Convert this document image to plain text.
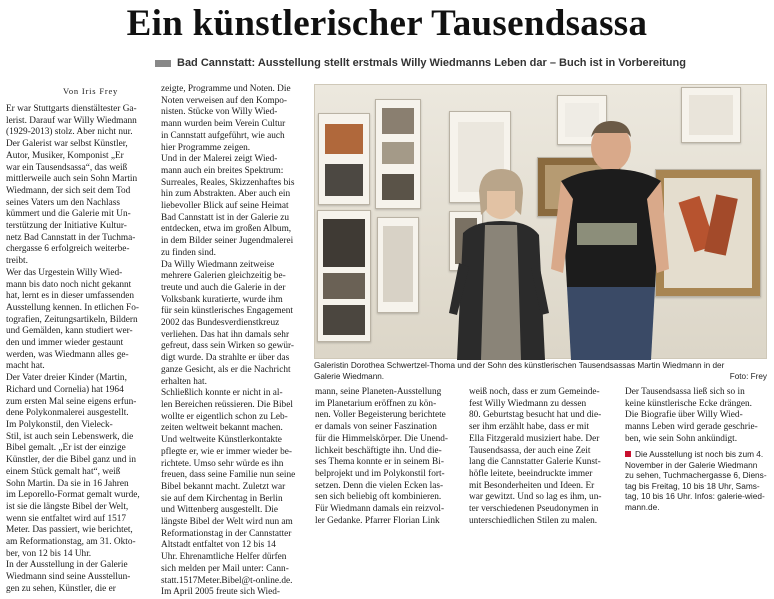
Ein künstlerischer Tausendsassa
Bad Cannstatt: Ausstellung stellt erstmals Willy Wiedmanns Leben dar – Buch ist in Vorbereitung
Von Iris Frey

Er war Stuttgarts dienstältester Ga-

lerist. Darauf war Willy Wiedmann

(1929-2013) stolz. Aber nicht nur.

Der Galerist war selbst Künstler,

Autor, Musiker, Komponist „Er

war ein Tausendsassa“, das weiß

mittlerweile auch sein Sohn Martin

Wiedmann, der sich seit dem Tod

seines Vaters um den Nachlass

kümmert und die Galerie mit Un-

terstützung der Initiative Kultur-

netz Bad Cannstatt in der Tuchma-

chergasse 6 erfolgreich weiterbe-

treibt.

Wer das Urgestein Willy Wied-

mann bis dato noch nicht gekannt

hat, lernt es in dieser umfassenden

Ausstellung kennen. In etlichen Fo-

tografien, Zeitungsartikeln, Bildern

und Gemälden, kann studiert wer-

den und immer wieder gestaunt

werden, was Wiedmann alles ge-

macht hat.

Der Vater dreier Kinder (Martin,

Richard und Cornelia) hat 1964

zum ersten Mal seine eigens erfun-

dene Polykonmalerei ausgestellt.

Im Polykonstil, den Vieleck-

Stil, ist auch sein Lebenswerk, die

Bibel gemalt. „Er ist der einzige

Künstler, der die Bibel ganz und in

einem Stück gemalt hat“, weiß

Sohn Martin. Da sie in 16 Jahren

im Leporello-Format gemalt wurde,

ist sie die längste Bibel der Welt,

wenn sie entfaltet wird auf 1517

Meter. Das passiert, wie berichtet,

am Reformationstag, am 31. Okto-

ber, von 12 bis 14 Uhr.

In der Ausstellung in der Galerie

Wiedmann sind seine Ausstellun-

gen zu sehen, Künstler, die er

zeigte, Programme und Noten. Die

Noten verweisen auf den Kompo-

nisten. Stücke von Willy Wied-

mann wurden beim Verein Cultur

in Cannstatt aufgeführt, wie auch

hier Programme zeigen.

Und in der Malerei zeigt Wied-

mann auch ein breites Spektrum:

Surreales, Reales, Skizzenhaftes bis

hin zum Abstrakten. Aber auch ein

liebevoller Blick auf seine Heimat

Bad Cannstatt ist in der Galerie zu

entdecken, etwa im großen Album,

in dem Bilder seiner Jugendmalerei

zu finden sind.

Da Willy Wiedmann zeitweise

mehrere Galerien gleichzeitig be-

treute und auch die Galerie in der

Volksbank kuratierte, wurde ihm

für sein künstlerisches Engagement

2002 das Bundesverdienstkreuz

verliehen. Das hat ihn damals sehr

gefreut, dass sein Wirken so gewür-

digt wurde. Da strahlte er über das

ganze Gesicht, als er die Nachricht

erhalten hat.

Schließlich konnte er nicht in al-

len Bereichen reüssieren. Die Bibel

wollte er eigentlich schon zu Leb-

zeiten weltweit bekannt machen.

Und weltweite Künstlerkontakte

pflegte er, wie er immer wieder be-

richtete. Umso sehr würde es ihn

freuen, dass seine Familie nun seine

Bibel bekannt macht. Zuletzt war

sie auf dem Kirchentag in Berlin

und Wittenberg ausgestellt. Die

längste Bibel der Welt wird nun am

Reformationstag in der Cannstatter

Altstadt entfaltet von 12 bis 14

Uhr. Ehrenamtliche Helfer dürfen

sich melden per Mail unter: Cann-

statt.1517Meter.Bibel@t-online.de.

Im April 2005 freute sich Wied-

mann, seine Planeten-Ausstellung

im Planetarium eröffnen zu kön-

nen. Voller Begeisterung berichtete

er damals von seiner Faszination

für die Himmelskörper. Die Unend-

lichkeit beschäftigte ihn. Und die-

ses Thema konnte er in seinem Bi-

belprojekt und im Polykonstil fort-

setzen. Denn die vielen Ecken las-

sen sich beliebig oft kombinieren.

Für Wiedmann damals ein reizvol-

ler Gedanke. Pfarrer Florian Link

weiß noch, dass er zum Gemeinde-

fest Willy Wiedmann zu dessen

80. Geburtstag besucht hat und die-

ser ihm erzählt habe, dass er mit

Ella Fitzgerald musiziert habe. Der

Tausendsassa, der auch eine Zeit

lang die Cannstatter Galerie Kunst-

höfle leitete, beeindruckte immer

mit Besonderheiten und Ideen. Er

war gewitzt. Und so lag es ihm, un-

ter verschiedenen Pseudonymen in

unterschiedlichen Stilen zu malen.

Der Tausendsassa ließ sich so in

keine künstlerische Ecke drängen.

Die Biografie über Willy Wied-

manns Leben wird gerade geschrie-

ben, wie sein Sohn ankündigt.

Galeristin Dorothea Schwertzel-Thoma und der Sohn des künstlerischen Tausendsassas Martin Wiedmann in der
Galerie Wiedmann.	Foto: Frey
Die Ausstellung ist noch bis zum 4.
November in der Galerie Wiedmann
zu sehen, Tuchmachergasse 6, Diens-
tag bis Freitag, 10 bis 18 Uhr, Sams-
tag, 10 bis 16 Uhr. Infos: galerie-wied-
mann.de.
